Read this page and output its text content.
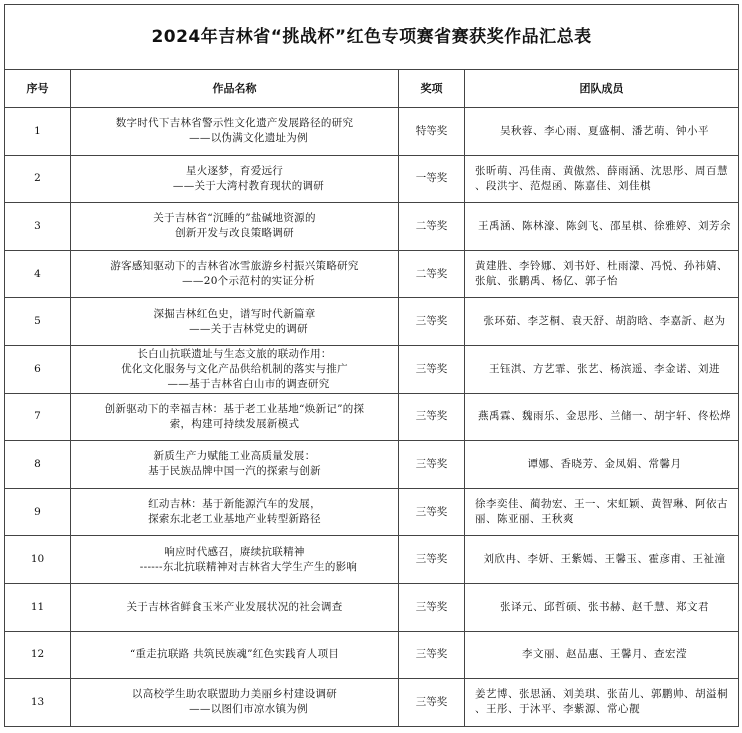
2024年吉林省“挑战杯”红色专项赛省赛获奖作品汇总表			
序号	作品名称	奖项	团队成员
1	数字时代下吉林省警示性文化遗产发展路径的研究
——以伪满文化遗址为例	特等奖	吴秋蓉、李心雨、夏盛桐、潘艺萌、钟小平

2	星火逐梦，育爱远行
——关于大湾村教育现状的调研	一等奖	张昕萌、冯佳南、黄傲然、薛雨涵、沈思彤、周百慧
、段洪宇、范煜函、陈嘉佳、刘佳棋

3	关于吉林省“沉睡的”盐碱地资源的
创新开发与改良策略调研	二等奖	王禹涵、陈林濠、陈剑飞、邵星棋、徐雅婷、刘芳余

4	游客感知驱动下的吉林省冰雪旅游乡村振兴策略研究
——20个示范村的实证分析	二等奖	黄建胜、李铃娜、刘书妤、杜雨濛、冯悦、孙祎婧、
张航、张鹏禹、杨亿、郭子怡

5	深掘吉林红色史，谱写时代新篇章
——关于吉林党史的调研	三等奖	张环茹、李芝桐、袁天舒、胡韵晗、李嘉訢、赵为

6	长白山抗联遗址与生态文旅的联动作用：
优化文化服务与文化产品供给机制的落实与推广
——基于吉林省白山市的调查研究	三等奖	王钰淇、方艺霏、张艺、杨滨遥、李金诺、刘进

7	创新驱动下的幸福吉林：基于老工业基地“焕新记”的探
索，构建可持续发展新模式	三等奖	燕禹霖、魏雨乐、金思彤、兰储一、胡宇轩、佟松烨

8	新质生产力赋能工业高质量发展：
基于民族品牌中国一汽的探索与创新	三等奖	谭娜、香晓芳、金凤娟、常馨月

9	红动吉林：基于新能源汽车的发展，
探索东北老工业基地产业转型新路径	三等奖	徐李奕佳、蔺勃宏、王一、宋虹颖、黄智琳、阿依古
丽、陈亚丽、王秋爽

10	响应时代感召，赓续抗联精神
------东北抗联精神对吉林省大学生产生的影响	三等奖	刘欣冉、李妍、王紫嫣、王馨玉、霍彦甫、王祉潼

11	关于吉林省鲜食玉米产业发展状况的社会调查	三等奖	张译元、邱哲硕、张书赫、赵千慧、郑文君

12	“重走抗联路 共筑民族魂”红色实践育人项目	三等奖	李文丽、赵品惠、王馨月、查宏滢

13	以高校学生助农联盟助力美丽乡村建设调研
——以图们市凉水镇为例	三等奖	姜艺博、张思涵、刘美琪、张苗儿、郭鹏帅、胡溢桐
、王彤、于沐平、李紫源、常心靓
